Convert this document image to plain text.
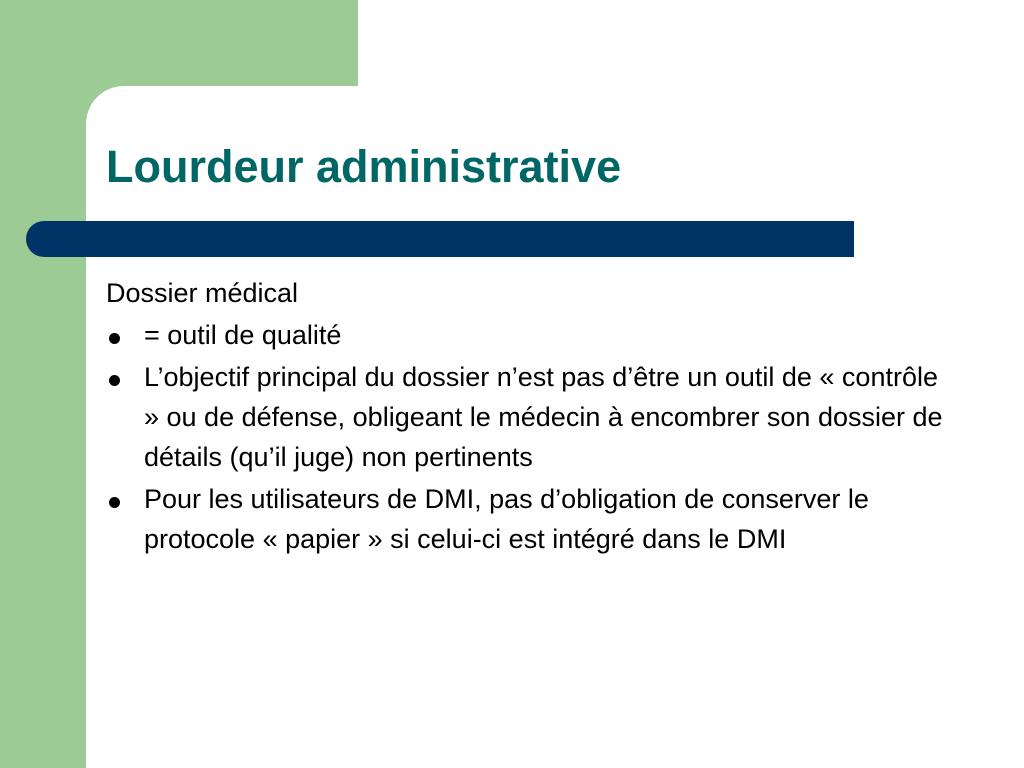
Lourdeur administrative

Dossier médical

= outil de qualité
L’objectif principal du dossier n’est pas d’être un outil de « contrôle » ou de défense, obligeant le médecin à encombrer son dossier de détails (qu’il juge) non pertinents
Pour les utilisateurs de DMI, pas d’obligation de conserver le protocole « papier » si celui-ci est intégré dans le DMI
